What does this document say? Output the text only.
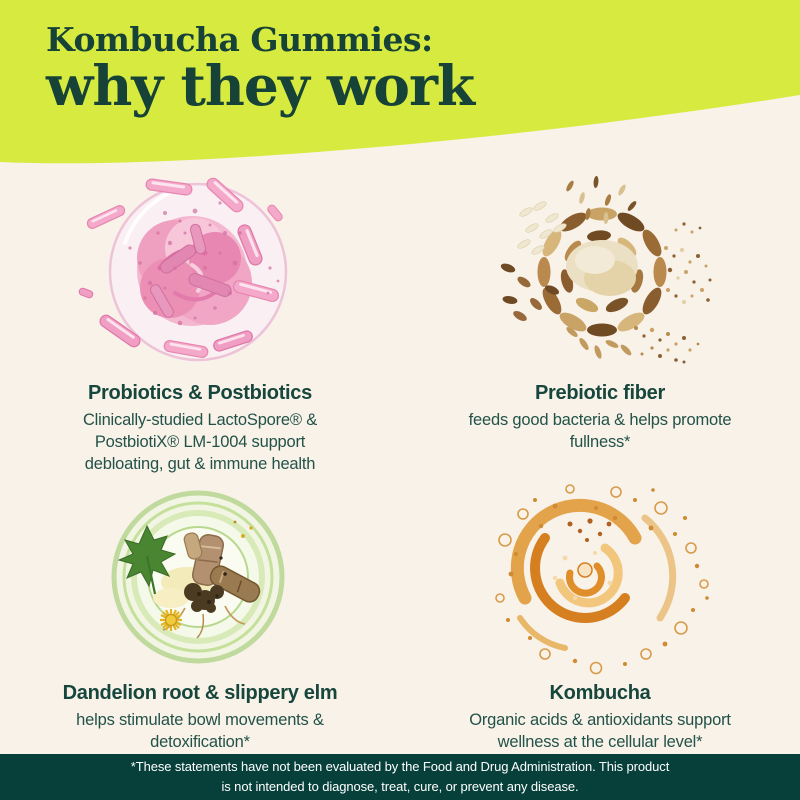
Kombucha Gummies:
why they work
Probiotics & Postbiotics

Clinically-studied LactoSpore® & PostbiotiX® LM-1004 support debloating, gut & immune health

Prebiotic fiber

feeds good bacteria & helps promote fullness*

Dandelion root & slippery elm

helps stimulate bowl movements & detoxification*

Kombucha

Organic acids & antioxidants support wellness at the cellular level*

*These statements have not been evaluated by the Food and Drug Administration. This product
is not intended to diagnose, treat, cure, or prevent any disease.
